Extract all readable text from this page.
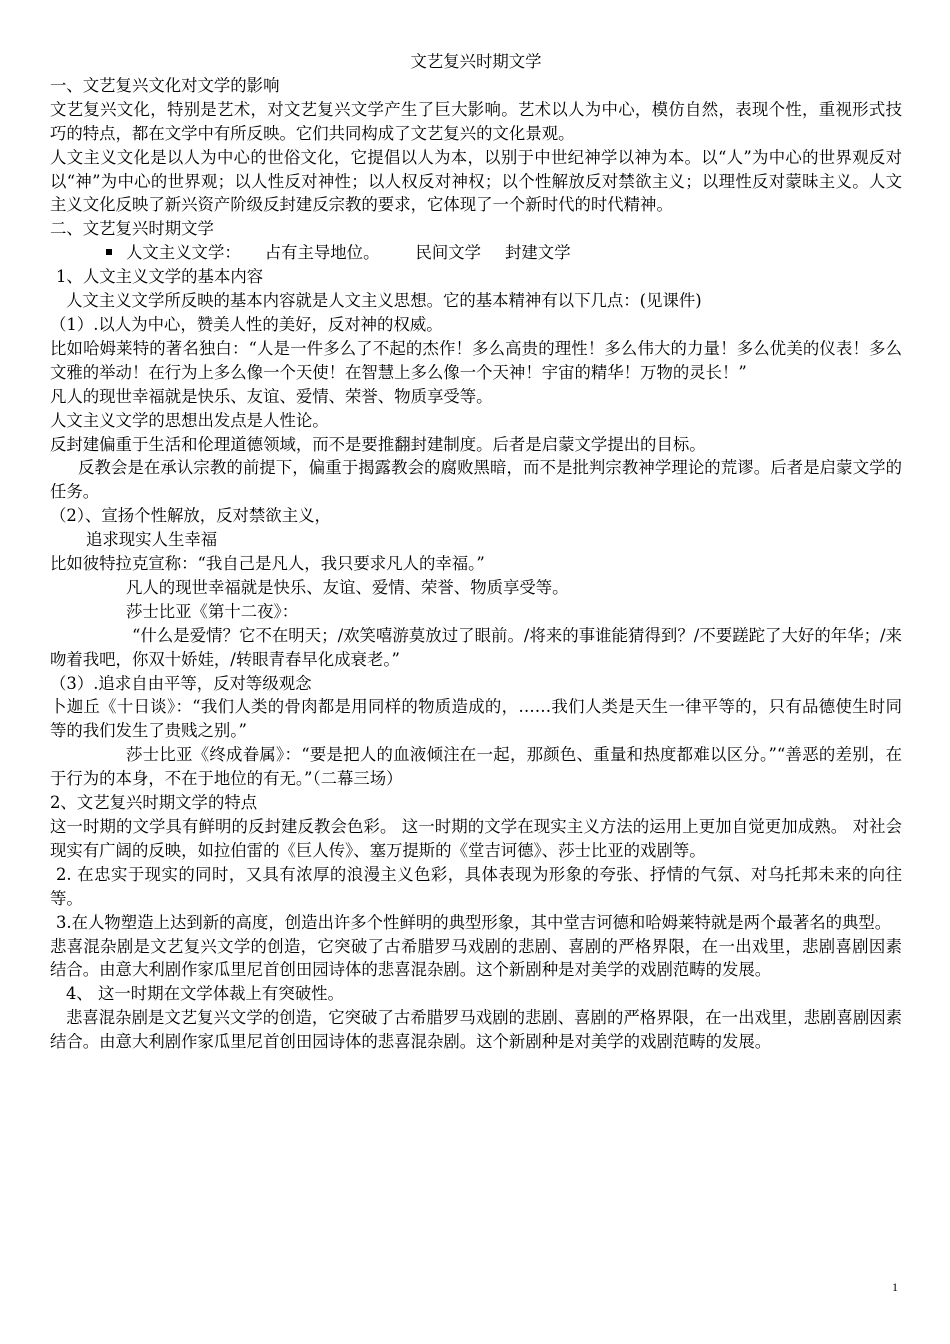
文艺复兴时期文学

一、文艺复兴文化对文学的影响

文艺复兴文化，特别是艺术，对文艺复兴文学产生了巨大影响。艺术以人为中心，模仿自然，表现个性，重视形式技巧的特点，都在文学中有所反映。它们共同构成了文艺复兴的文化景观。

人文主义文化是以人为中心的世俗文化，它提倡以人为本，以别于中世纪神学以神为本。以“人”为中心的世界观反对以“神”为中心的世界观；以人性反对神性；以人权反对神权；以个性解放反对禁欲主义；以理性反对蒙昧主义。人文主义文化反映了新兴资产阶级反封建反宗教的要求，它体现了一个新时代的时代精神。

二、文艺复兴时期文学

人文主义文学： 占有主导地位。 民间文学 封建文学

1、人文主义文学的基本内容

人文主义文学所反映的基本内容就是人文主义思想。它的基本精神有以下几点：(见课件)

（1）.以人为中心，赞美人性的美好，反对神的权威。

比如哈姆莱特的著名独白：“人是一件多么了不起的杰作！多么高贵的理性！多么伟大的力量！多么优美的仪表！多么文雅的举动！在行为上多么像一个天使！在智慧上多么像一个天神！宇宙的精华！万物的灵长！”

凡人的现世幸福就是快乐、友谊、爱情、荣誉、物质享受等。

人文主义文学的思想出发点是人性论。

反封建偏重于生活和伦理道德领域，而不是要推翻封建制度。后者是启蒙文学提出的目标。

反教会是在承认宗教的前提下，偏重于揭露教会的腐败黑暗，而不是批判宗教神学理论的荒谬。后者是启蒙文学的任务。

（2）、宣扬个性解放，反对禁欲主义，

追求现实人生幸福

比如彼特拉克宣称：“我自己是凡人，我只要求凡人的幸福。”

凡人的现世幸福就是快乐、友谊、爱情、荣誉、物质享受等。

莎士比亚《第十二夜》：

“什么是爱情？它不在明天；/欢笑嘻游莫放过了眼前。/将来的事谁能猜得到？/不要蹉跎了大好的年华；/来吻着我吧，你双十娇娃，/转眼青春早化成衰老。”

（3）.追求自由平等，反对等级观念

卜迦丘《十日谈》：“我们人类的骨肉都是用同样的物质造成的，……我们人类是天生一律平等的，只有品德使生时同等的我们发生了贵贱之别。”

莎士比亚《终成眷属》：“要是把人的血液倾注在一起，那颜色、重量和热度都难以区分。”“善恶的差别，在于行为的本身，不在于地位的有无。”（二幕三场）

2、文艺复兴时期文学的特点

这一时期的文学具有鲜明的反封建反教会色彩。 这一时期的文学在现实主义方法的运用上更加自觉更加成熟。 对社会现实有广阔的反映，如拉伯雷的《巨人传》、塞万提斯的《堂吉诃德》、莎士比亚的戏剧等。

2. 在忠实于现实的同时，又具有浓厚的浪漫主义色彩，具体表现为形象的夸张、抒情的气氛、对乌托邦未来的向往等。

3.在人物塑造上达到新的高度，创造出许多个性鲜明的典型形象，其中堂吉诃德和哈姆莱特就是两个最著名的典型。

悲喜混杂剧是文艺复兴文学的创造，它突破了古希腊罗马戏剧的悲剧、喜剧的严格界限，在一出戏里，悲剧喜剧因素结合。由意大利剧作家瓜里尼首创田园诗体的悲喜混杂剧。这个新剧种是对美学的戏剧范畴的发展。

4、 这一时期在文学体裁上有突破性。

悲喜混杂剧是文艺复兴文学的创造，它突破了古希腊罗马戏剧的悲剧、喜剧的严格界限，在一出戏里，悲剧喜剧因素结合。由意大利剧作家瓜里尼首创田园诗体的悲喜混杂剧。这个新剧种是对美学的戏剧范畴的发展。

1
